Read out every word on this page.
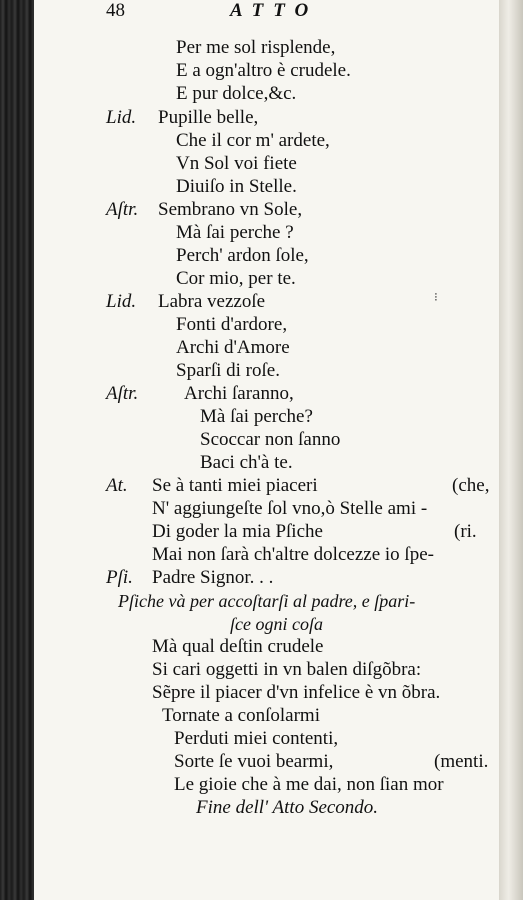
48	ATTO
Per me sol risplende,
E a ogn'altro è crudele.
E pur dolce,&c.
Lid. Pupille belle,
Che il cor m' ardete,
Vn Sol voi fiete
Diuiſo in Stelle.
Aſtr. Sembrano vn Sole,
Mà ſai perche ?
Perch' ardon ſole,
Cor mio, per te.
Lid. Labra vezzoſe
Fonti d'ardore,
Archi d'Amore
Sparſi di roſe.
Aſtr. Archi ſaranno,
Mà ſai perche?
Scoccar non ſanno
Baci ch'à te.
At. Se à tanti miei piaceri	(che,
N' aggiungeſte ſol vno,ò Stelle ami -
Di goder la mia Pſiche	(ri.
Mai non ſarà ch'altre dolcezze io ſpe-
Pſi. Padre Signor. . .
Pſiche và per accoſtarſi al padre, e ſpari-
ſce ogni coſa
Mà qual deſtin crudele
Si cari oggetti in vn balen diſgõbra:
Sẽpre il piacer d'vn infelice è vn õbra.
Tornate a conſolarmi
Perduti miei contenti,
Sorte ſe vuoi bearmi,	(menti.
Le gioie che à me dai, non ſian mor
Fine dell' Atto Secondo.
⁝
